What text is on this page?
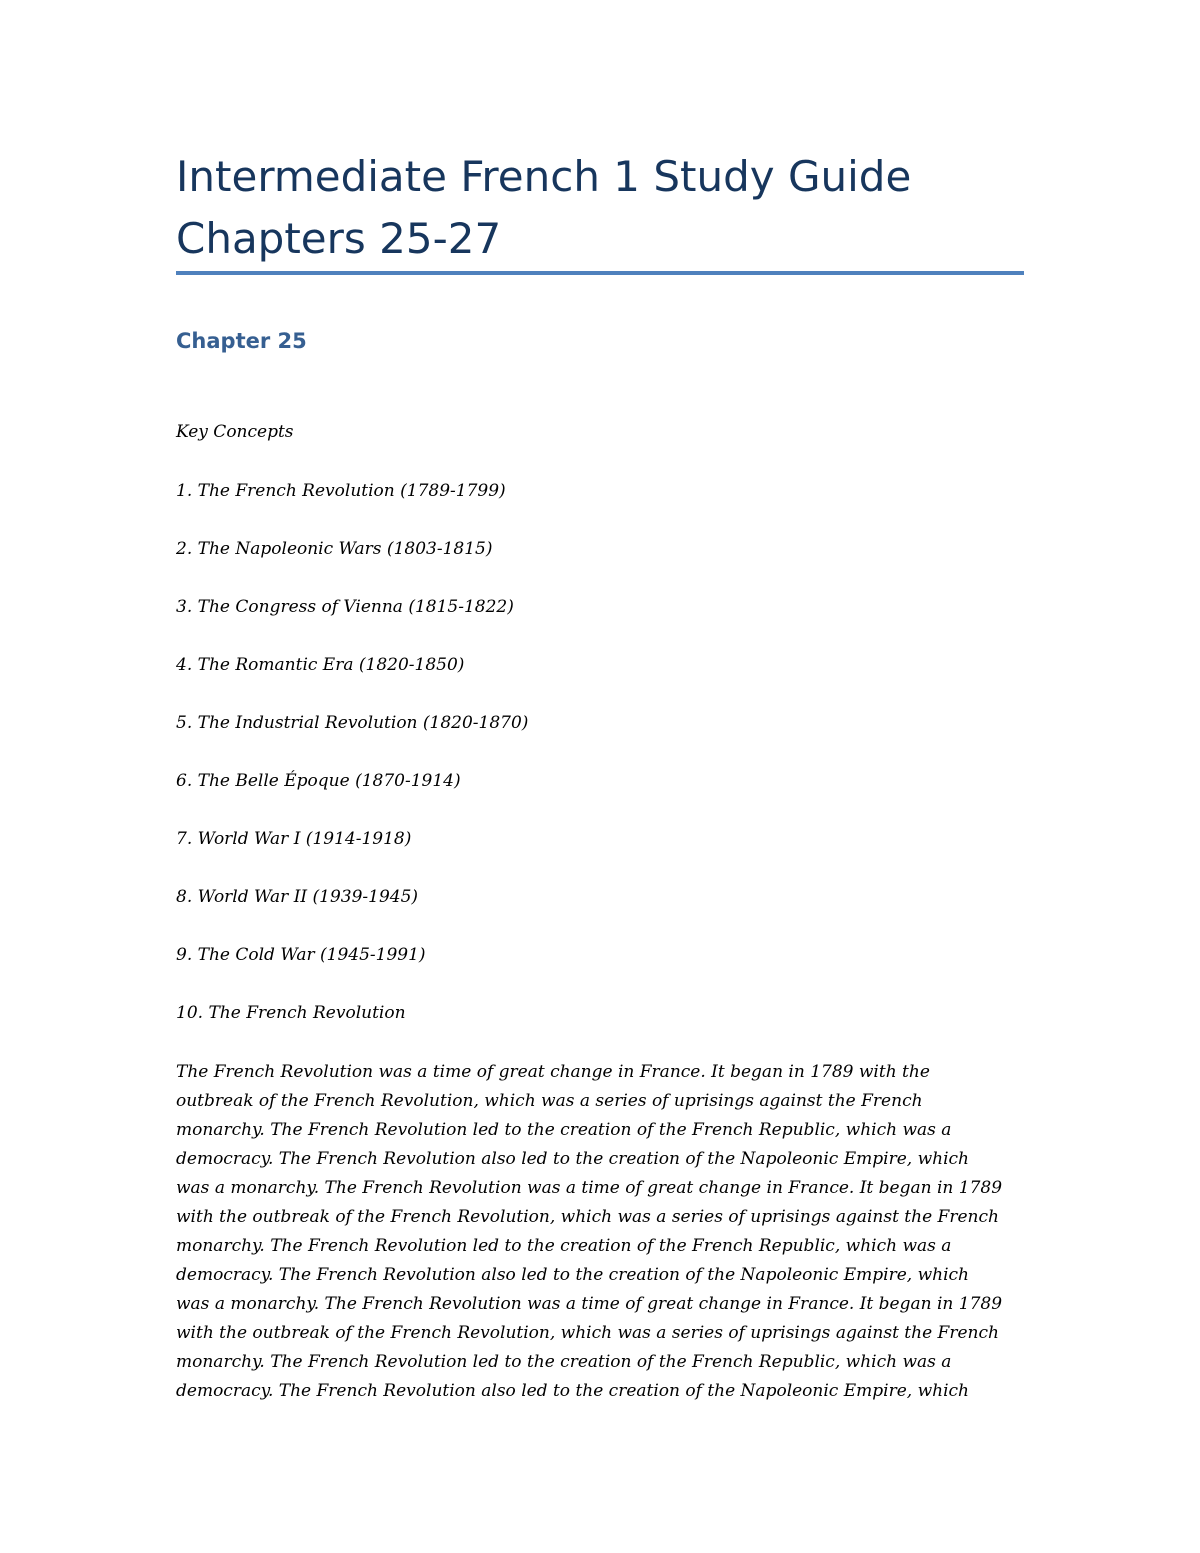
Intermediate French 1 Study Guide
Chapters 25-27
Chapter 25

Key Concepts

1. The French Revolution (1789-1799)
2. The Napoleonic Wars (1803-1815)
3. The Congress of Vienna (1815-1822)
4. The Romantic Era (1820-1850)
5. The Industrial Revolution (1820-1870)
6. The Belle Époque (1870-1914)
7. World War I (1914-1918)
8. World War II (1939-1945)
9. The Cold War (1945-1991)
10. The French Revolution

The French Revolution was a time of great change in France. It began in 1789 with the
outbreak of the French Revolution, which was a series of uprisings against the French
monarchy. The French Revolution led to the creation of the French Republic, which was a
democracy. The French Revolution also led to the creation of the Napoleonic Empire, which
was a monarchy. The French Revolution was a time of great change in France. It began in 1789
with the outbreak of the French Revolution, which was a series of uprisings against the French
monarchy. The French Revolution led to the creation of the French Republic, which was a
democracy. The French Revolution also led to the creation of the Napoleonic Empire, which
was a monarchy. The French Revolution was a time of great change in France. It began in 1789
with the outbreak of the French Revolution, which was a series of uprisings against the French
monarchy. The French Revolution led to the creation of the French Republic, which was a
democracy. The French Revolution also led to the creation of the Napoleonic Empire, which
